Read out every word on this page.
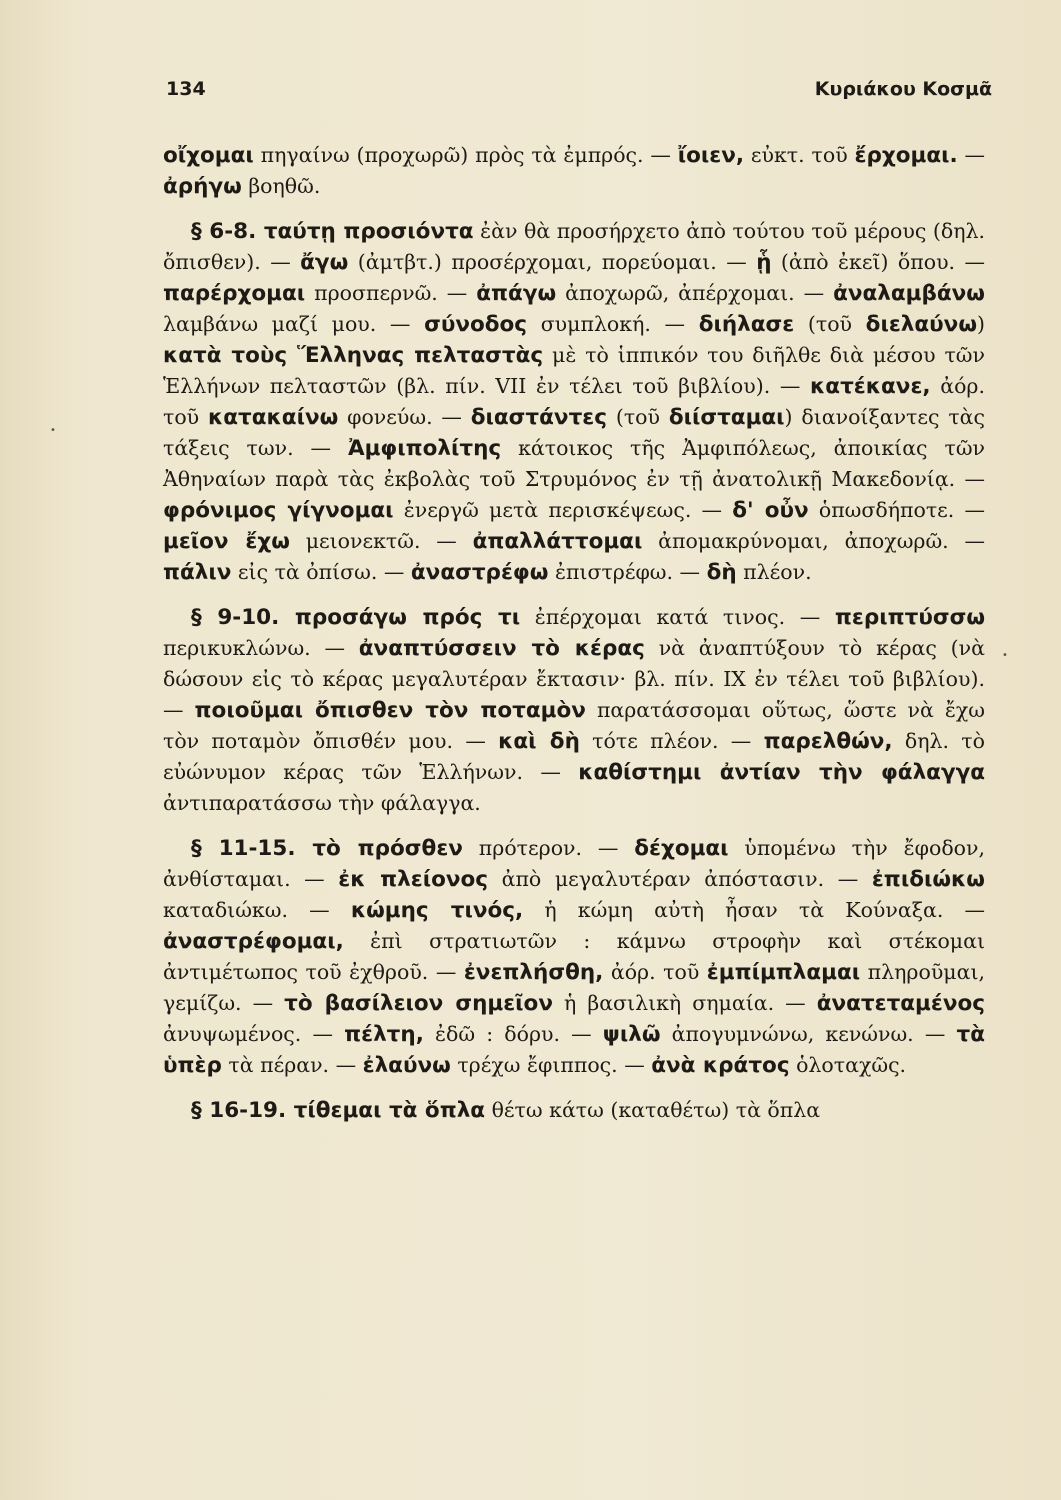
134	Κυριάκου Κοσμᾶ

οἴχομαι πηγαίνω (προχωρῶ) πρὸς τὰ ἐμπρός. — ἴοιεν, εὐκτ. τοῦ ἔρχομαι. — ἀρήγω βοηθῶ.

§ 6-8. ταύτῃ προσιόντα ἐὰν θὰ προσήρχετο ἀπὸ τούτου τοῦ μέρους (δηλ. ὄπισθεν). — ἄγω (ἀμτβτ.) προσέρχομαι, πορεύομαι. — ᾗ (ἀπὸ ἐκεῖ) ὅπου. — παρέρχομαι προσπερνῶ. — ἀπάγω ἀποχωρῶ, ἀπέρχομαι. — ἀναλαμβάνω λαμβάνω μαζί μου. — σύνοδος συμπλοκή. — διήλασε (τοῦ διελαύνω) κατὰ τοὺς Ἕλληνας πελταστὰς μὲ τὸ ἱππικόν του διῆλθε διὰ μέσου τῶν Ἑλλήνων πελταστῶν (βλ. πίν. VII ἐν τέλει τοῦ βιβλίου). — κατέκανε, ἀόρ. τοῦ κατακαίνω φονεύω. — διαστάντες (τοῦ διίσταμαι) διανοίξαντες τὰς τάξεις των. — Ἀμφιπολίτης κάτοικος τῆς Ἀμφιπόλεως, ἀποικίας τῶν Ἀθηναίων παρὰ τὰς ἐκβολὰς τοῦ Στρυμόνος ἐν τῇ ἀνατολικῇ Μακεδονίᾳ. — φρόνιμος γίγνομαι ἐνεργῶ μετὰ περισκέψεως. — δ' οὖν ὁπωσδήποτε. — μεῖον ἔχω μειονεκτῶ. — ἀπαλλάττομαι ἀπομακρύνομαι, ἀποχωρῶ. — πάλιν εἰς τὰ ὀπίσω. — ἀναστρέφω ἐπιστρέφω. — δὴ πλέον.

§ 9-10. προσάγω πρός τι ἐπέρχομαι κατά τινος. — περιπτύσσω περικυκλώνω. — ἀναπτύσσειν τὸ κέρας νὰ ἀναπτύξουν τὸ κέρας (νὰ δώσουν εἰς τὸ κέρας μεγαλυτέραν ἔκτασιν· βλ. πίν. IX ἐν τέλει τοῦ βιβλίου). — ποιοῦμαι ὄπισθεν τὸν ποταμὸν παρατάσσομαι οὕτως, ὥστε νὰ ἔχω τὸν ποταμὸν ὄπισθέν μου. — καὶ δὴ τότε πλέον. — παρελθών, δηλ. τὸ εὐώνυμον κέρας τῶν Ἑλλήνων. — καθίστημι ἀντίαν τὴν φάλαγγα ἀντιπαρατάσσω τὴν φάλαγγα.

§ 11-15. τὸ πρόσθεν πρότερον. — δέχομαι ὑπομένω τὴν ἔφοδον, ἀνθίσταμαι. — ἐκ πλείονος ἀπὸ μεγαλυτέραν ἀπόστασιν. — ἐπιδιώκω καταδιώκω. — κώμης τινός, ἡ κώμη αὐτὴ ἦσαν τὰ Κούναξα. — ἀναστρέφομαι, ἐπὶ στρατιωτῶν : κάμνω στροφὴν καὶ στέκομαι ἀντιμέτωπος τοῦ ἐχθροῦ. — ἐνεπλήσθη, ἀόρ. τοῦ ἐμπίμπλαμαι πληροῦμαι, γεμίζω. — τὸ βασίλειον σημεῖον ἡ βασιλικὴ σημαία. — ἀνατεταμένος ἀνυψωμένος. — πέλτη, ἐδῶ : δόρυ. — ψιλῶ ἀπογυμνώνω, κενώνω. — τὰ ὑπὲρ τὰ πέραν. — ἐλαύνω τρέχω ἔφιππος. — ἀνὰ κράτος ὁλοταχῶς.

§ 16-19. τίθεμαι τὰ ὅπλα θέτω κάτω (καταθέτω) τὰ ὅπλα

•
•
